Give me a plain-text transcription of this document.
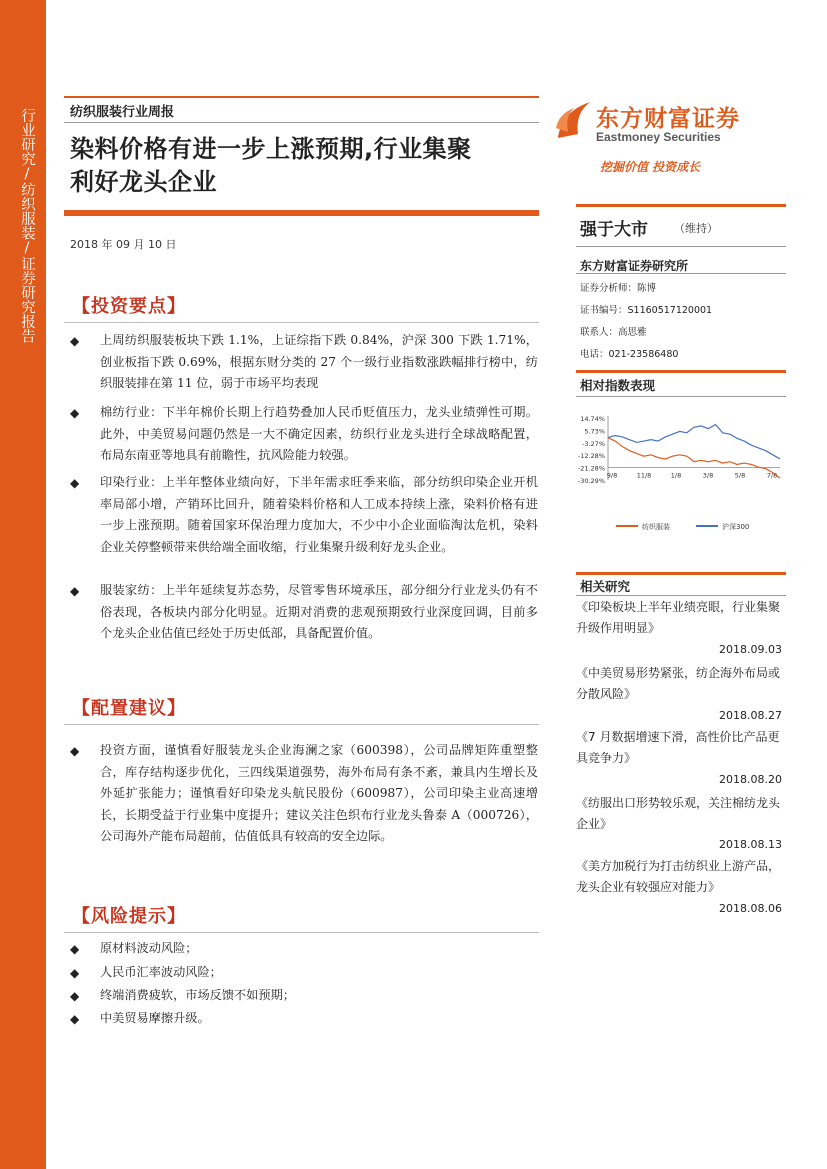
行业研究/纺织服装/证券研究报告	纺织服装行业周报
染料价格有进一步上涨预期,行业集聚
利好龙头企业
2018 年 09 月 10 日
【投资要点】
◆ 上周纺织服装板块下跌 1.1%，上证综指下跌 0.84%，沪深 300 下跌 1.71%，创业板指下跌 0.69%，根据东财分类的 27 个一级行业指数涨跌幅排行榜中，纺织服装排在第 11 位，弱于市场平均表现
◆ 棉纺行业：下半年棉价长期上行趋势叠加人民币贬值压力，龙头业绩弹性可期。此外，中美贸易问题仍然是一大不确定因素，纺织行业龙头进行全球战略配置，布局东南亚等地具有前瞻性，抗风险能力较强。
◆ 印染行业：上半年整体业绩向好，下半年需求旺季来临，部分纺织印染企业开机率局部小增，产销环比回升，随着染料价格和人工成本持续上涨，染料价格有进一步上涨预期。随着国家环保治理力度加大，不少中小企业面临淘汰危机，染料企业关停整顿带来供给端全面收缩，行业集聚升级利好龙头企业。
◆ 服装家纺：上半年延续复苏态势，尽管零售环境承压，部分细分行业龙头仍有不俗表现，各板块内部分化明显。近期对消费的悲观预期致行业深度回调，目前多个龙头企业估值已经处于历史低部，具备配置价值。
【配置建议】
◆ 投资方面，谨慎看好服装龙头企业海澜之家（600398），公司品牌矩阵重塑整合，库存结构逐步优化，三四线渠道强势，海外布局有条不紊，兼具内生增长及外延扩张能力；谨慎看好印染龙头航民股份（600987），公司印染主业高速增长，长期受益于行业集中度提升；建议关注色织布行业龙头鲁泰 A（000726），公司海外产能布局超前，估值低具有较高的安全边际。
【风险提示】
◆ 原材料波动风险；
◆ 人民币汇率波动风险；
◆ 终端消费疲软，市场反馈不如预期；
◆ 中美贸易摩擦升级。
东方财富证券
Eastmoney Securities
挖掘价值 投资成长
强于大市 （维持）
东方财富证券研究所
证券分析师：陈博
证书编号：S1160517120001
联系人：高思雅
电话：021-23586480
相对指数表现
14.74%
5.73%
-3.27%
-12.28%
-21.28%
-30.29%
9/8	11/8	1/8	3/8	5/8	7/8
纺织服装	沪深300
相关研究
《印染板块上半年业绩亮眼，行业集聚升级作用明显》
2018.09.03
《中美贸易形势紧张，纺企海外布局或分散风险》
2018.08.27
《7 月数据增速下滑，高性价比产品更具竞争力》
2018.08.20
《纺服出口形势较乐观，关注棉纺龙头企业》
2018.08.13
《美方加税行为打击纺织业上游产品，龙头企业有较强应对能力》
2018.08.06
